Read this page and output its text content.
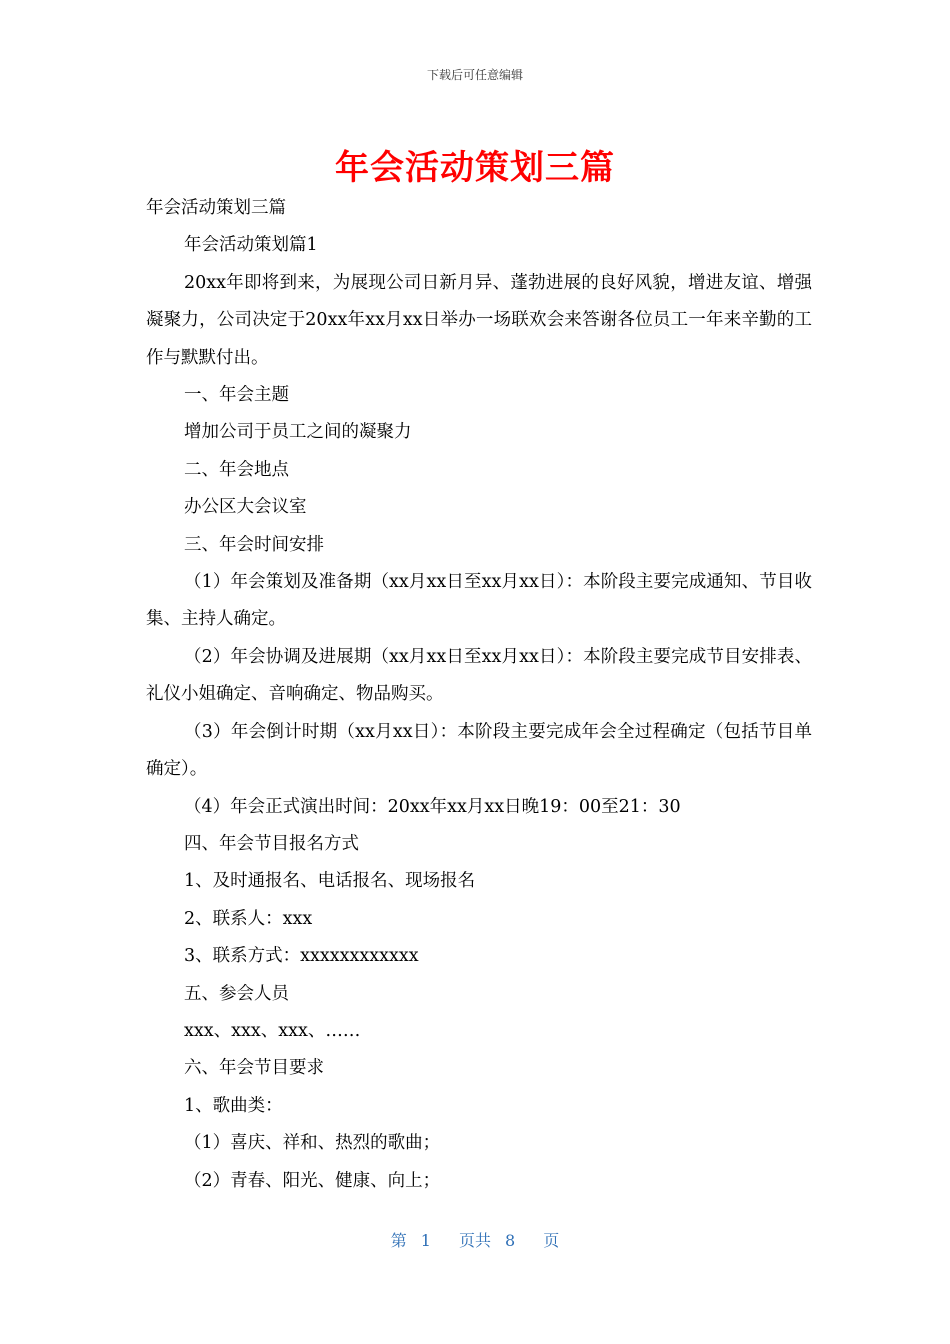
下载后可任意编辑
年会活动策划三篇

年会活动策划三篇

年会活动策划篇1

20xx年即将到来，为展现公司日新月异、蓬勃进展的良好风貌，增进友谊、增强凝聚力，公司决定于20xx年xx月xx日举办一场联欢会来答谢各位员工一年来辛勤的工作与默默付出。

一、年会主题

增加公司于员工之间的凝聚力

二、年会地点

办公区大会议室

三、年会时间安排

（1）年会策划及准备期（xx月xx日至xx月xx日）：本阶段主要完成通知、节目收集、主持人确定。

（2）年会协调及进展期（xx月xx日至xx月xx日）：本阶段主要完成节目安排表、礼仪小姐确定、音响确定、物品购买。

（3）年会倒计时期（xx月xx日）：本阶段主要完成年会全过程确定（包括节目单确定）。

（4）年会正式演出时间：20xx年xx月xx日晚19：00至21：30

四、年会节目报名方式

1、及时通报名、电话报名、现场报名

2、联系人：xxx

3、联系方式：xxxxxxxxxxxx

五、参会人员

xxx、xxx、xxx、……

六、年会节目要求

1、歌曲类：

（1）喜庆、祥和、热烈的歌曲；

（2）青春、阳光、健康、向上；

第 1 页共 8 页
